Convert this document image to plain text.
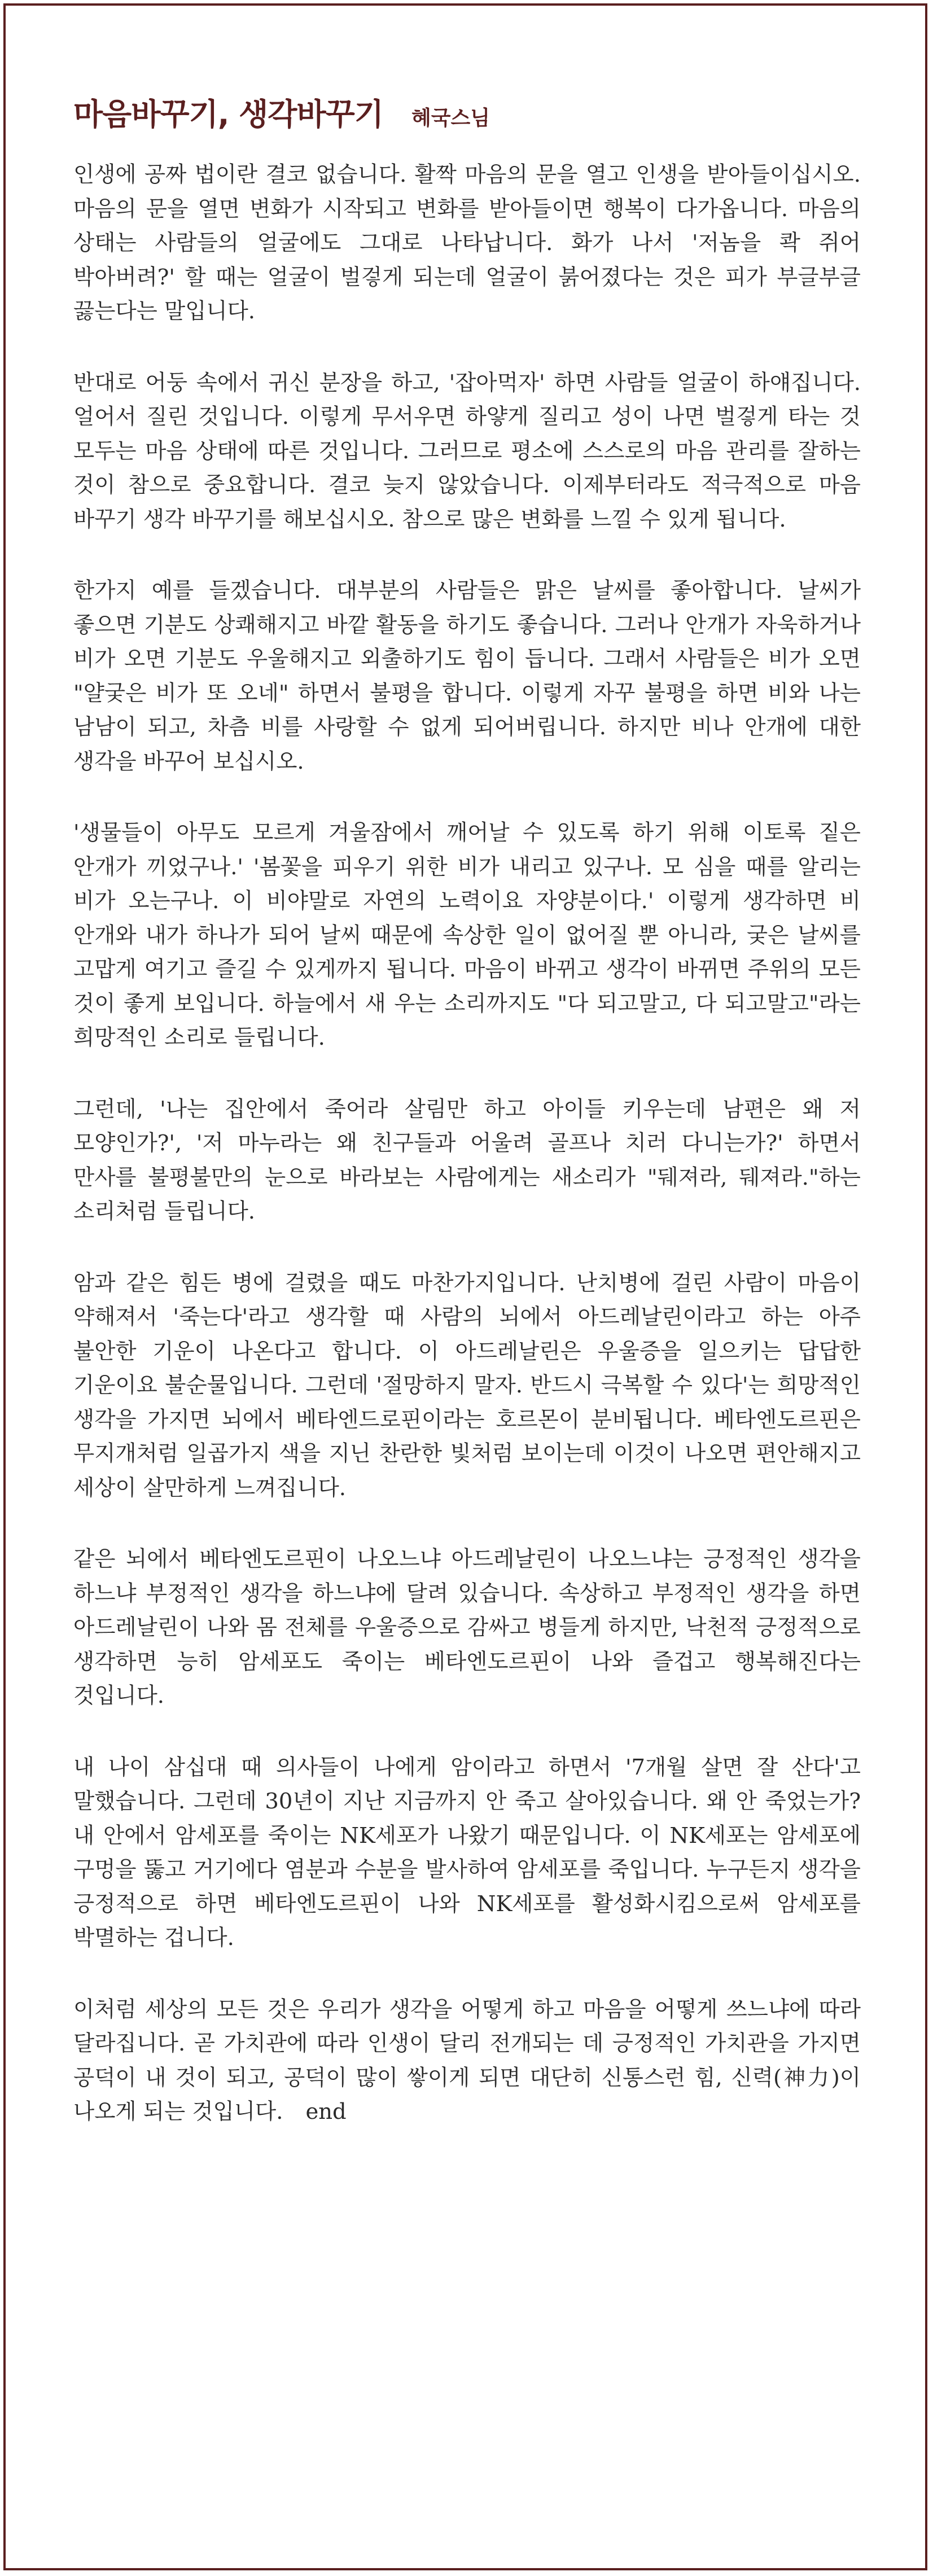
마음바꾸기, 생각바꾸기 혜국스님

인생에 공짜 법이란 결코 없습니다. 활짝 마음의 문을 열고 인생을 받아들이십시오. 마음의 문을 열면 변화가 시작되고 변화를 받아들이면 행복이 다가옵니다. 마음의 상태는 사람들의 얼굴에도 그대로 나타납니다. 화가 나서 '저놈을 콱 쥐어 박아버려?' 할 때는 얼굴이 벌겋게 되는데 얼굴이 붉어졌다는 것은 피가 부글부글 끓는다는 말입니다.

반대로 어둥 속에서 귀신 분장을 하고, '잡아먹자' 하면 사람들 얼굴이 하얘집니다. 얼어서 질린 것입니다. 이렇게 무서우면 하얗게 질리고 성이 나면 벌겋게 타는 것 모두는 마음 상태에 따른 것입니다. 그러므로 평소에 스스로의 마음 관리를 잘하는 것이 참으로 중요합니다. 결코 늦지 않았습니다. 이제부터라도 적극적으로 마음 바꾸기 생각 바꾸기를 해보십시오. 참으로 많은 변화를 느낄 수 있게 됩니다.

한가지 예를 들겠습니다. 대부분의 사람들은 맑은 날씨를 좋아합니다. 날씨가 좋으면 기분도 상쾌해지고 바깥 활동을 하기도 좋습니다. 그러나 안개가 자욱하거나 비가 오면 기분도 우울해지고 외출하기도 힘이 듭니다. 그래서 사람들은 비가 오면 "얄궂은 비가 또 오네" 하면서 불평을 합니다. 이렇게 자꾸 불평을 하면 비와 나는 남남이 되고, 차츰 비를 사랑할 수 없게 되어버립니다. 하지만 비나 안개에 대한 생각을 바꾸어 보십시오.

'생물들이 아무도 모르게 겨울잠에서 깨어날 수 있도록 하기 위해 이토록 짙은 안개가 끼었구나.' '봄꽃을 피우기 위한 비가 내리고 있구나. 모 심을 때를 알리는 비가 오는구나. 이 비야말로 자연의 노력이요 자양분이다.' 이렇게 생각하면 비 안개와 내가 하나가 되어 날씨 때문에 속상한 일이 없어질 뿐 아니라, 궂은 날씨를 고맙게 여기고 즐길 수 있게까지 됩니다. 마음이 바뀌고 생각이 바뀌면 주위의 모든 것이 좋게 보입니다. 하늘에서 새 우는 소리까지도 "다 되고말고, 다 되고말고"라는 희망적인 소리로 들립니다.

그런데, '나는 집안에서 죽어라 살림만 하고 아이들 키우는데 남편은 왜 저 모양인가?', '저 마누라는 왜 친구들과 어울려 골프나 치러 다니는가?' 하면서 만사를 불평불만의 눈으로 바라보는 사람에게는 새소리가 "뒈져라, 뒈져라."하는 소리처럼 들립니다.

암과 같은 힘든 병에 걸렸을 때도 마찬가지입니다. 난치병에 걸린 사람이 마음이 약해져서 '죽는다'라고 생각할 때 사람의 뇌에서 아드레날린이라고 하는 아주 불안한 기운이 나온다고 합니다. 이 아드레날린은 우울증을 일으키는 답답한 기운이요 불순물입니다. 그런데 '절망하지 말자. 반드시 극복할 수 있다'는 희망적인 생각을 가지면 뇌에서 베타엔드로핀이라는 호르몬이 분비됩니다. 베타엔도르핀은 무지개처럼 일곱가지 색을 지닌 찬란한 빛처럼 보이는데 이것이 나오면 편안해지고 세상이 살만하게 느껴집니다.

같은 뇌에서 베타엔도르핀이 나오느냐 아드레날린이 나오느냐는 긍정적인 생각을 하느냐 부정적인 생각을 하느냐에 달려 있습니다. 속상하고 부정적인 생각을 하면 아드레날린이 나와 몸 전체를 우울증으로 감싸고 병들게 하지만, 낙천적 긍정적으로 생각하면 능히 암세포도 죽이는 베타엔도르핀이 나와 즐겁고 행복해진다는 것입니다.

내 나이 삼십대 때 의사들이 나에게 암이라고 하면서 '7개월 살면 잘 산다'고 말했습니다. 그런데 30년이 지난 지금까지 안 죽고 살아있습니다. 왜 안 죽었는가? 내 안에서 암세포를 죽이는 NK세포가 나왔기 때문입니다. 이 NK세포는 암세포에 구멍을 뚫고 거기에다 염분과 수분을 발사하여 암세포를 죽입니다. 누구든지 생각을 긍정적으로 하면 베타엔도르핀이 나와 NK세포를 활성화시킴으로써 암세포를 박멸하는 겁니다.

이처럼 세상의 모든 것은 우리가 생각을 어떻게 하고 마음을 어떻게 쓰느냐에 따라 달라집니다. 곧 가치관에 따라 인생이 달리 전개되는 데 긍정적인 가치관을 가지면 공덕이 내 것이 되고, 공덕이 많이 쌓이게 되면 대단히 신통스런 힘, 신력(神力)이 나오게 되는 것입니다. end
